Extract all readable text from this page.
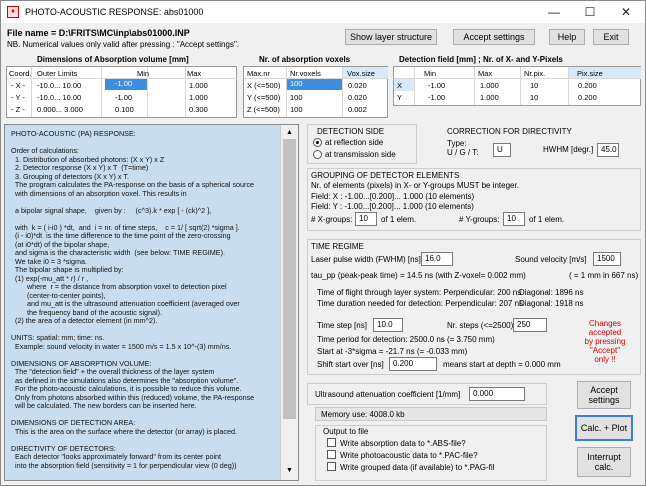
♦	PHOTO-ACOUSTIC RESPONSE: abs01000	—	☐	✕
File name = D:\FRITS\MC\inp\abs01000.INP
NB. Numerical values only valid after pressing : "Accept settings".
Show layer structure	Accept settings	Help	Exit
Dimensions of Absorption volume [mm]
Coord. Outer Limits	Min	Max
- X - -10.0... 10.00	-1.00	1.000
- Y - -10.0... 10.00	-1.00	1.000
- Z - 0.000... 3.000	0.100	0.300
Nr. of absorption voxels
Max.nr	Nr.voxels	Vox.size
X (<=500)	100	0.020
Y (<=500) 100	0.020
Z (<=500) 100	0.002
Detection field [mm] ; Nr. of X- and Y-Pixels
Min	Max	Nr.pix.	Pix.size
X	-1.00	1.000	10	0.200
Y	-1.00	1.000	10	0.200
PHOTO-ACOUSTIC (PA) RESPONSE:
Order of calculations:
1. Distribution of absorbed photons: (X x Y) x Z
2. Detector response (X x Y) x T  (T=time)
3. Grouping of detectors (X x Y) x T.
The program calculates the PA-response on the basis of a spherical source
with dimensions of an absorption voxel. This results in
a bipolar signal shape,    given by :     (c^3).k * exp [ - (ck)^2 ],
with  k = ( i-i0 ) *dt,  and  i = nr. of time steps,    c = 1/ [ sqrt(2) *sigma ].
(i - i0)*dt  is the time difference to the time point of the zero-crossing
(at i0*dt) of the bipolar shape,
and sigma is the characteristic width  (see below: TIME REGIME).
We take i0 = 3 *sigma.
The bipolar shape is multiplied by:
(1) exp(-mu_att * r) / r ,
where  r = the distance from absorption voxel to detection pixel
(center-to-center points),
and mu_att is the ultrasound attenuation coefficient (averaged over
the frequency band of the acoustic signal).
(2) the area of a detector element (in mm^2).
UNITS: spatial: mm; time: ns.
Example: sound velocity in water = 1500 m/s = 1.5 x 10^-(3) mm/ns.
DIMENSIONS OF ABSORPTION VOLUME:
The "detection field" + the overall thickness of the layer system
as defined in the simulations also determines the "absorption volume".
For the photo-acoustic calculations, it is possible to reduce this volume.
Only from photons absorbed within this (reduced) volume, the PA-response
will be calculated. The new borders can be inserted here.
DIMENSIONS OF DETECTION AREA:
This is the area on the surface where the detector (or array) is placed.
DIRECTIVITY OF DETECTORS:
Each detector "looks approximately forward" from its center point
into the absorption field (sensitivity = 1 for perpendicular view (0 deg))
▲
▼
DETECTION SIDE
at reflection side
at transmission side
CORRECTION FOR DIRECTIVITY
Type:
U / G / T:	U	HWHM [degr.] 45.0
GROUPING OF DETECTOR ELEMENTS
Nr. of elements (pixels) in X- or Y-groups MUST be integer.
Field: X : -1.00...[0.200]... 1.000 (10 elements)
Field: Y : -1.00...[0.200]... 1.000 (10 elements)
# X-groups: 10	of 1 elem.	# Y-groups: 10	of 1 elem.
TIME REGIME
Laser pulse width (FWHM) [ns] 16.0	Sound velocity [m/s]	1500
tau_pp (peak-peak time) = 14.5 ns (with Z-voxel= 0.002 mm)	( = 1 mm in 667 ns)
Time of flight through layer system: Perpendicular: 200 ns
Diagonal: 1896 ns
Time duration needed for detection: Perpendicular: 207 ns
Diagonal: 1918 ns
Time step [ns]	10.0	Nr. steps (<=2500) 250
Time period for detection: 2500.0 ns (= 3.750 mm)
Start at -3*sigma = -21.7 ns (= -0.033 mm)
Shift start over [ns]	0.200	means start at depth = 0.000 mm
Changes
accepted
by pressing
"Accept"
only !!
Ultrasound attenuation coefficient [1/mm]	0.000
Memory use: 4008.0 kb
Output to file
Write absorption data to *.ABS-file?
Write photoacoustic data to *.PAC-file?
Write grouped data (if available) to *.PAG-fil
Accept settings
Calc. + Plot
Interrupt calc.
